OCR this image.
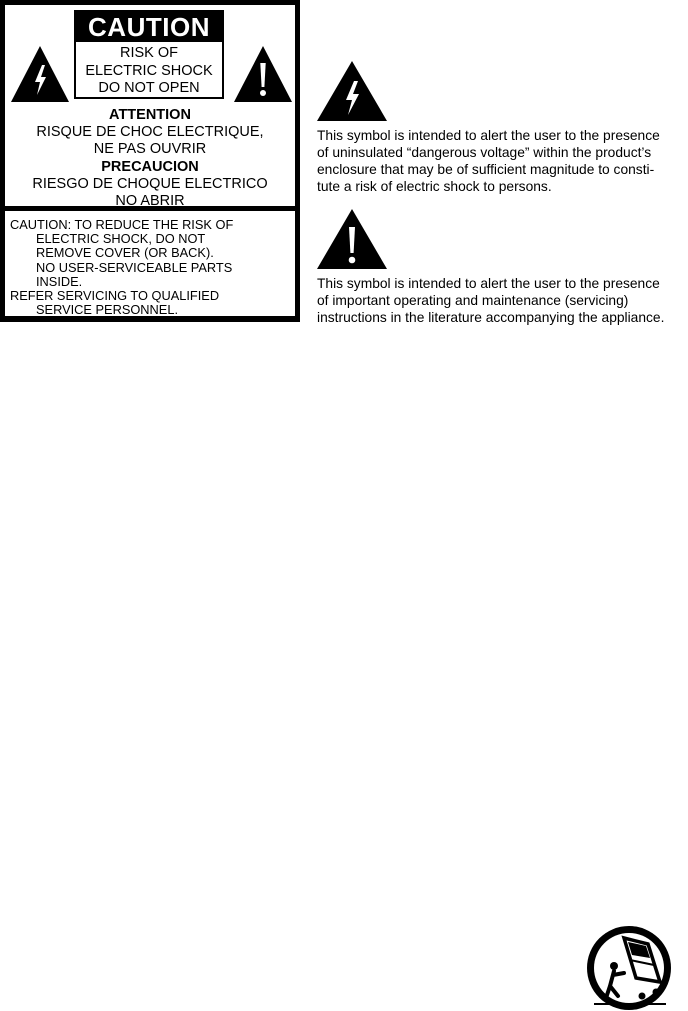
CAUTION
RISK OF
ELECTRIC SHOCK
DO NOT OPEN
ATTENTION
RISQUE DE CHOC ELECTRIQUE,
NE PAS OUVRIR
PRECAUCION
RIESGO DE CHOQUE ELECTRICO
NO ABRIR
CAUTION: TO REDUCE THE RISK OF
ELECTRIC SHOCK, DO NOT
REMOVE COVER (OR BACK).
NO USER-SERVICEABLE PARTS
INSIDE.
REFER SERVICING TO QUALIFIED
SERVICE PERSONNEL.
This symbol is intended to alert the user to the presence
of uninsulated “dangerous voltage” within the product’s
enclosure that may be of sufficient magnitude to consti-
tute a risk of electric shock to persons.
This symbol is intended to alert the user to the presence
of important operating and maintenance (servicing)
instructions in the literature accompanying the appliance.
